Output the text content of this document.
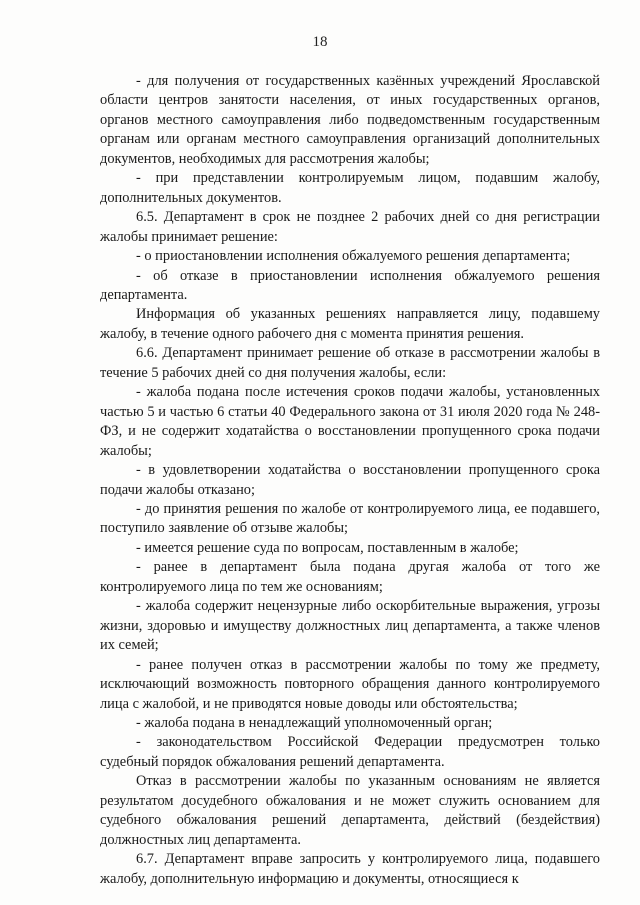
18

- для получения от государственных казённых учреждений Ярославской области центров занятости населения, от иных государственных органов, органов местного самоуправления либо подведомственным государственным органам или органам местного самоуправления организаций дополнительных документов, необходимых для рассмотрения жалобы;

- при представлении контролируемым лицом, подавшим жалобу, дополнительных документов.

6.5. Департамент в срок не позднее 2 рабочих дней со дня регистрации жалобы принимает решение:

- о приостановлении исполнения обжалуемого решения департамента;

- об отказе в приостановлении исполнения обжалуемого решения департамента.

Информация об указанных решениях направляется лицу, подавшему жалобу, в течение одного рабочего дня с момента принятия решения.

6.6. Департамент принимает решение об отказе в рассмотрении жалобы в течение 5 рабочих дней со дня получения жалобы, если:

- жалоба подана после истечения сроков подачи жалобы, установленных частью 5 и частью 6 статьи 40 Федерального закона от 31 июля 2020 года № 248-ФЗ, и не содержит ходатайства о восстановлении пропущенного срока подачи жалобы;

- в удовлетворении ходатайства о восстановлении пропущенного срока подачи жалобы отказано;

- до принятия решения по жалобе от контролируемого лица, ее подавшего, поступило заявление об отзыве жалобы;

- имеется решение суда по вопросам, поставленным в жалобе;

- ранее в департамент была подана другая жалоба от того же контролируемого лица по тем же основаниям;

- жалоба содержит нецензурные либо оскорбительные выражения, угрозы жизни, здоровью и имуществу должностных лиц департамента, а также членов их семей;

- ранее получен отказ в рассмотрении жалобы по тому же предмету, исключающий возможность повторного обращения данного контролируемого лица с жалобой, и не приводятся новые доводы или обстоятельства;

- жалоба подана в ненадлежащий уполномоченный орган;

- законодательством Российской Федерации предусмотрен только судебный порядок обжалования решений департамента.

Отказ в рассмотрении жалобы по указанным основаниям не является результатом досудебного обжалования и не может служить основанием для судебного обжалования решений департамента, действий (бездействия) должностных лиц департамента.

6.7. Департамент вправе запросить у контролируемого лица, подавшего жалобу, дополнительную информацию и документы, относящиеся к
